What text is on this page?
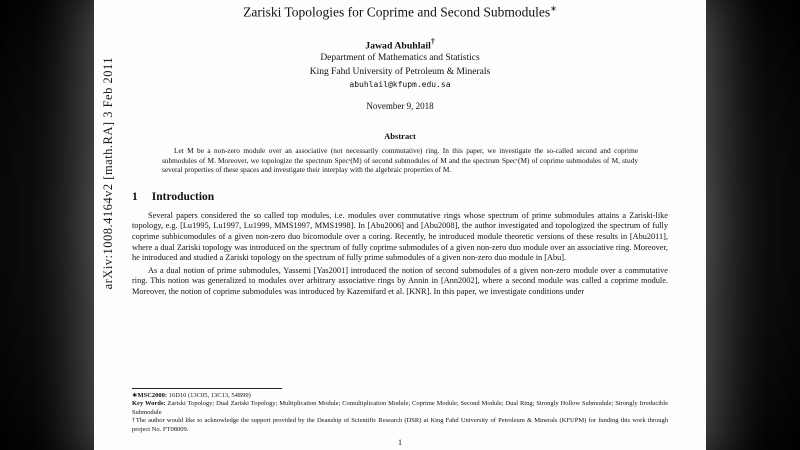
arXiv:1008.4164v2 [math.RA] 3 Feb 2011
Zariski Topologies for Coprime and Second Submodules∗
Jawad Abuhlail†
Department of Mathematics and Statistics
King Fahd University of Petroleum & Minerals
abuhlail@kfupm.edu.sa
November 9, 2018
Abstract
Let M be a non-zero module over an associative (not necessarily commutative) ring. In this paper, we investigate the so-called second and coprime submodules of M. Moreover, we topologize the spectrum Specˢ(M) of second submodules of M and the spectrum Specᶜ(M) of coprime submodules of M, study several properties of these spaces and investigate their interplay with the algebraic properties of M.
1 Introduction
Several papers considered the so called top modules, i.e. modules over commutative rings whose spectrum of prime submodules attains a Zariski-like topology, e.g. [Lu1995, Lu1997, Lu1999, MMS1997, MMS1998]. In [Abu2006] and [Abu2008], the author investigated and topologized the spectrum of fully coprime subbicomodules of a given non-zero duo bicomodule over a coring. Recently, he introduced module theoretic versions of these results in [Abu2011], where a dual Zariski topology was introduced on the spectrum of fully coprime submodules of a given non-zero duo module over an associative ring. Moreover, he introduced and studied a Zariski topology on the spectrum of fully prime submodules of a given non-zero duo module in [Abu].
As a dual notion of prime submodules, Yassemi [Yas2001] introduced the notion of second submodules of a given non-zero module over a commutative ring. This notion was generalized to modules over arbitrary associative rings by Annin in [Ann2002], where a second module was called a coprime module. Moreover, the notion of coprime submodules was introduced by Kazemifard et al. [KNR]. In this paper, we investigate conditions under
∗MSC2000: 16D10 (13C05, 13C13, 54B99)
Key Words: Zariski Topology; Dual Zariski Topology; Multiplication Module; Comultiplication Module; Coprime Module; Second Module; Dual Ring; Strongly Hollow Submodule; Strongly Irreducible Submodule
†The author would like to acknowledge the support provided by the Deanship of Scientific Research (DSR) at King Fahd University of Petroleum & Minerals (KFUPM) for funding this work through project No. FT08009.
1
